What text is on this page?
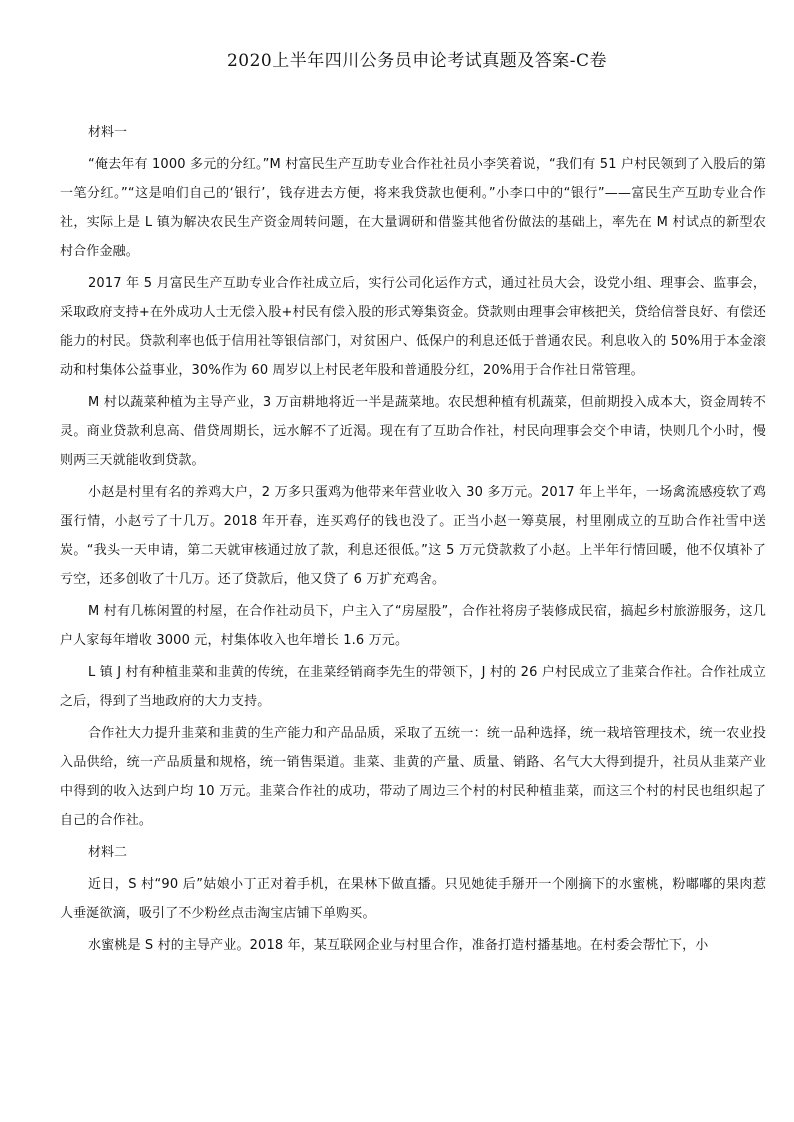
2020上半年四川公务员申论考试真题及答案-C卷
材料一

“俺去年有 1000 多元的分红。”M 村富民生产互助专业合作社社员小李笑着说，“我们有 51 户村民领到了入股后的第一笔分红。”“这是咱们自己的‘银行’，钱存进去方便，将来我贷款也便利。”小李口中的“银行”——富民生产互助专业合作社，实际上是 L 镇为解决农民生产资金周转问题，在大量调研和借鉴其他省份做法的基础上，率先在 M 村试点的新型农村合作金融。

2017 年 5 月富民生产互助专业合作社成立后，实行公司化运作方式，通过社员大会，设党小组、理事会、监事会，采取政府支持+在外成功人士无偿入股+村民有偿入股的形式筹集资金。贷款则由理事会审核把关，贷给信誉良好、有偿还能力的村民。贷款利率也低于信用社等银信部门，对贫困户、低保户的利息还低于普通农民。利息收入的 50%用于本金滚动和村集体公益事业，30%作为 60 周岁以上村民老年股和普通股分红，20%用于合作社日常管理。

M 村以蔬菜种植为主导产业，3 万亩耕地将近一半是蔬菜地。农民想种植有机蔬菜，但前期投入成本大，资金周转不灵。商业贷款利息高、借贷周期长，远水解不了近渴。现在有了互助合作社，村民向理事会交个申请，快则几个小时，慢则两三天就能收到贷款。

小赵是村里有名的养鸡大户，2 万多只蛋鸡为他带来年营业收入 30 多万元。2017 年上半年，一场禽流感疫软了鸡蛋行情，小赵亏了十几万。2018 年开春，连买鸡仔的钱也没了。正当小赵一筹莫展，村里刚成立的互助合作社雪中送炭。“我头一天申请，第二天就审核通过放了款，利息还很低。”这 5 万元贷款救了小赵。上半年行情回暖，他不仅填补了亏空，还多创收了十几万。还了贷款后，他又贷了 6 万扩充鸡舍。

M 村有几栋闲置的村屋，在合作社动员下，户主入了“房屋股”，合作社将房子装修成民宿，搞起乡村旅游服务，这几户人家每年增收 3000 元，村集体收入也年增长 1.6 万元。

L 镇 J 村有种植韭菜和韭黄的传统，在韭菜经销商李先生的带领下，J 村的 26 户村民成立了韭菜合作社。合作社成立之后，得到了当地政府的大力支持。

合作社大力提升韭菜和韭黄的生产能力和产品品质，采取了五统一：统一品种选择，统一栽培管理技术，统一农业投入品供给，统一产品质量和规格，统一销售渠道。韭菜、韭黄的产量、质量、销路、名气大大得到提升，社员从韭菜产业中得到的收入达到户均 10 万元。韭菜合作社的成功，带动了周边三个村的村民种植韭菜，而这三个村的村民也组织起了自己的合作社。

材料二

近日，S 村“90 后”姑娘小丁正对着手机，在果林下做直播。只见她徒手掰开一个刚摘下的水蜜桃，粉嘟嘟的果肉惹人垂涎欲滴，吸引了不少粉丝点击淘宝店铺下单购买。

水蜜桃是 S 村的主导产业。2018 年，某互联网企业与村里合作，准备打造村播基地。在村委会帮忙下，小
